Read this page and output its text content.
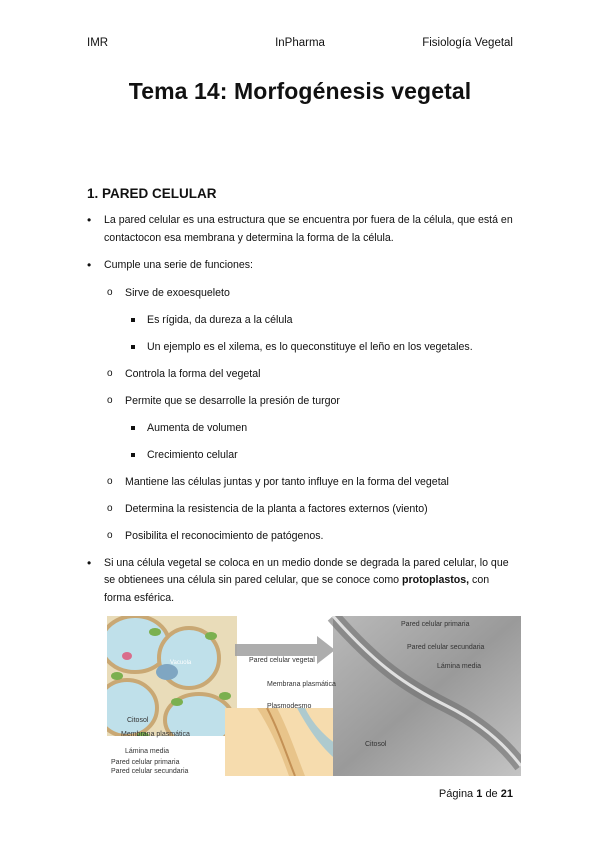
IMR	InPharma	Fisiología Vegetal
Tema 14: Morfogénesis vegetal
1. PARED CELULAR
• La pared celular es una estructura que se encuentra por fuera de la célula, que está en contactocon esa membrana y determina la forma de la célula.
• Cumple una serie de funciones:
o Sirve de exoesqueleto
Es rígida, da dureza a la célula
Un ejemplo es el xilema, es lo queconstituye el leño en los vegetales.
o Controla la forma del vegetal
o Permite que se desarrolle la presión de turgor
Aumenta de volumen
Crecimiento celular
o Mantiene las células juntas y por tanto influye en la forma del vegetal
o Determina la resistencia de la planta a factores externos (viento)
o Posibilita el reconocimiento de patógenos.
• Si una célula vegetal se coloca en un medio donde se degrada la pared celular, lo que se obtienees una célula sin pared celular, que se conoce como protoplastos, con forma esférica.
Vacuola	Pared celular vegetal
Pared celular primaria
Pared celular secundaria
Lámina media
Membrana plasmática
Plasmodesmo
Citosol
Citosol
Membrana plasmática
Lámina media
Pared celular primaria
Pared celular secundaria
Página 1 de 21
